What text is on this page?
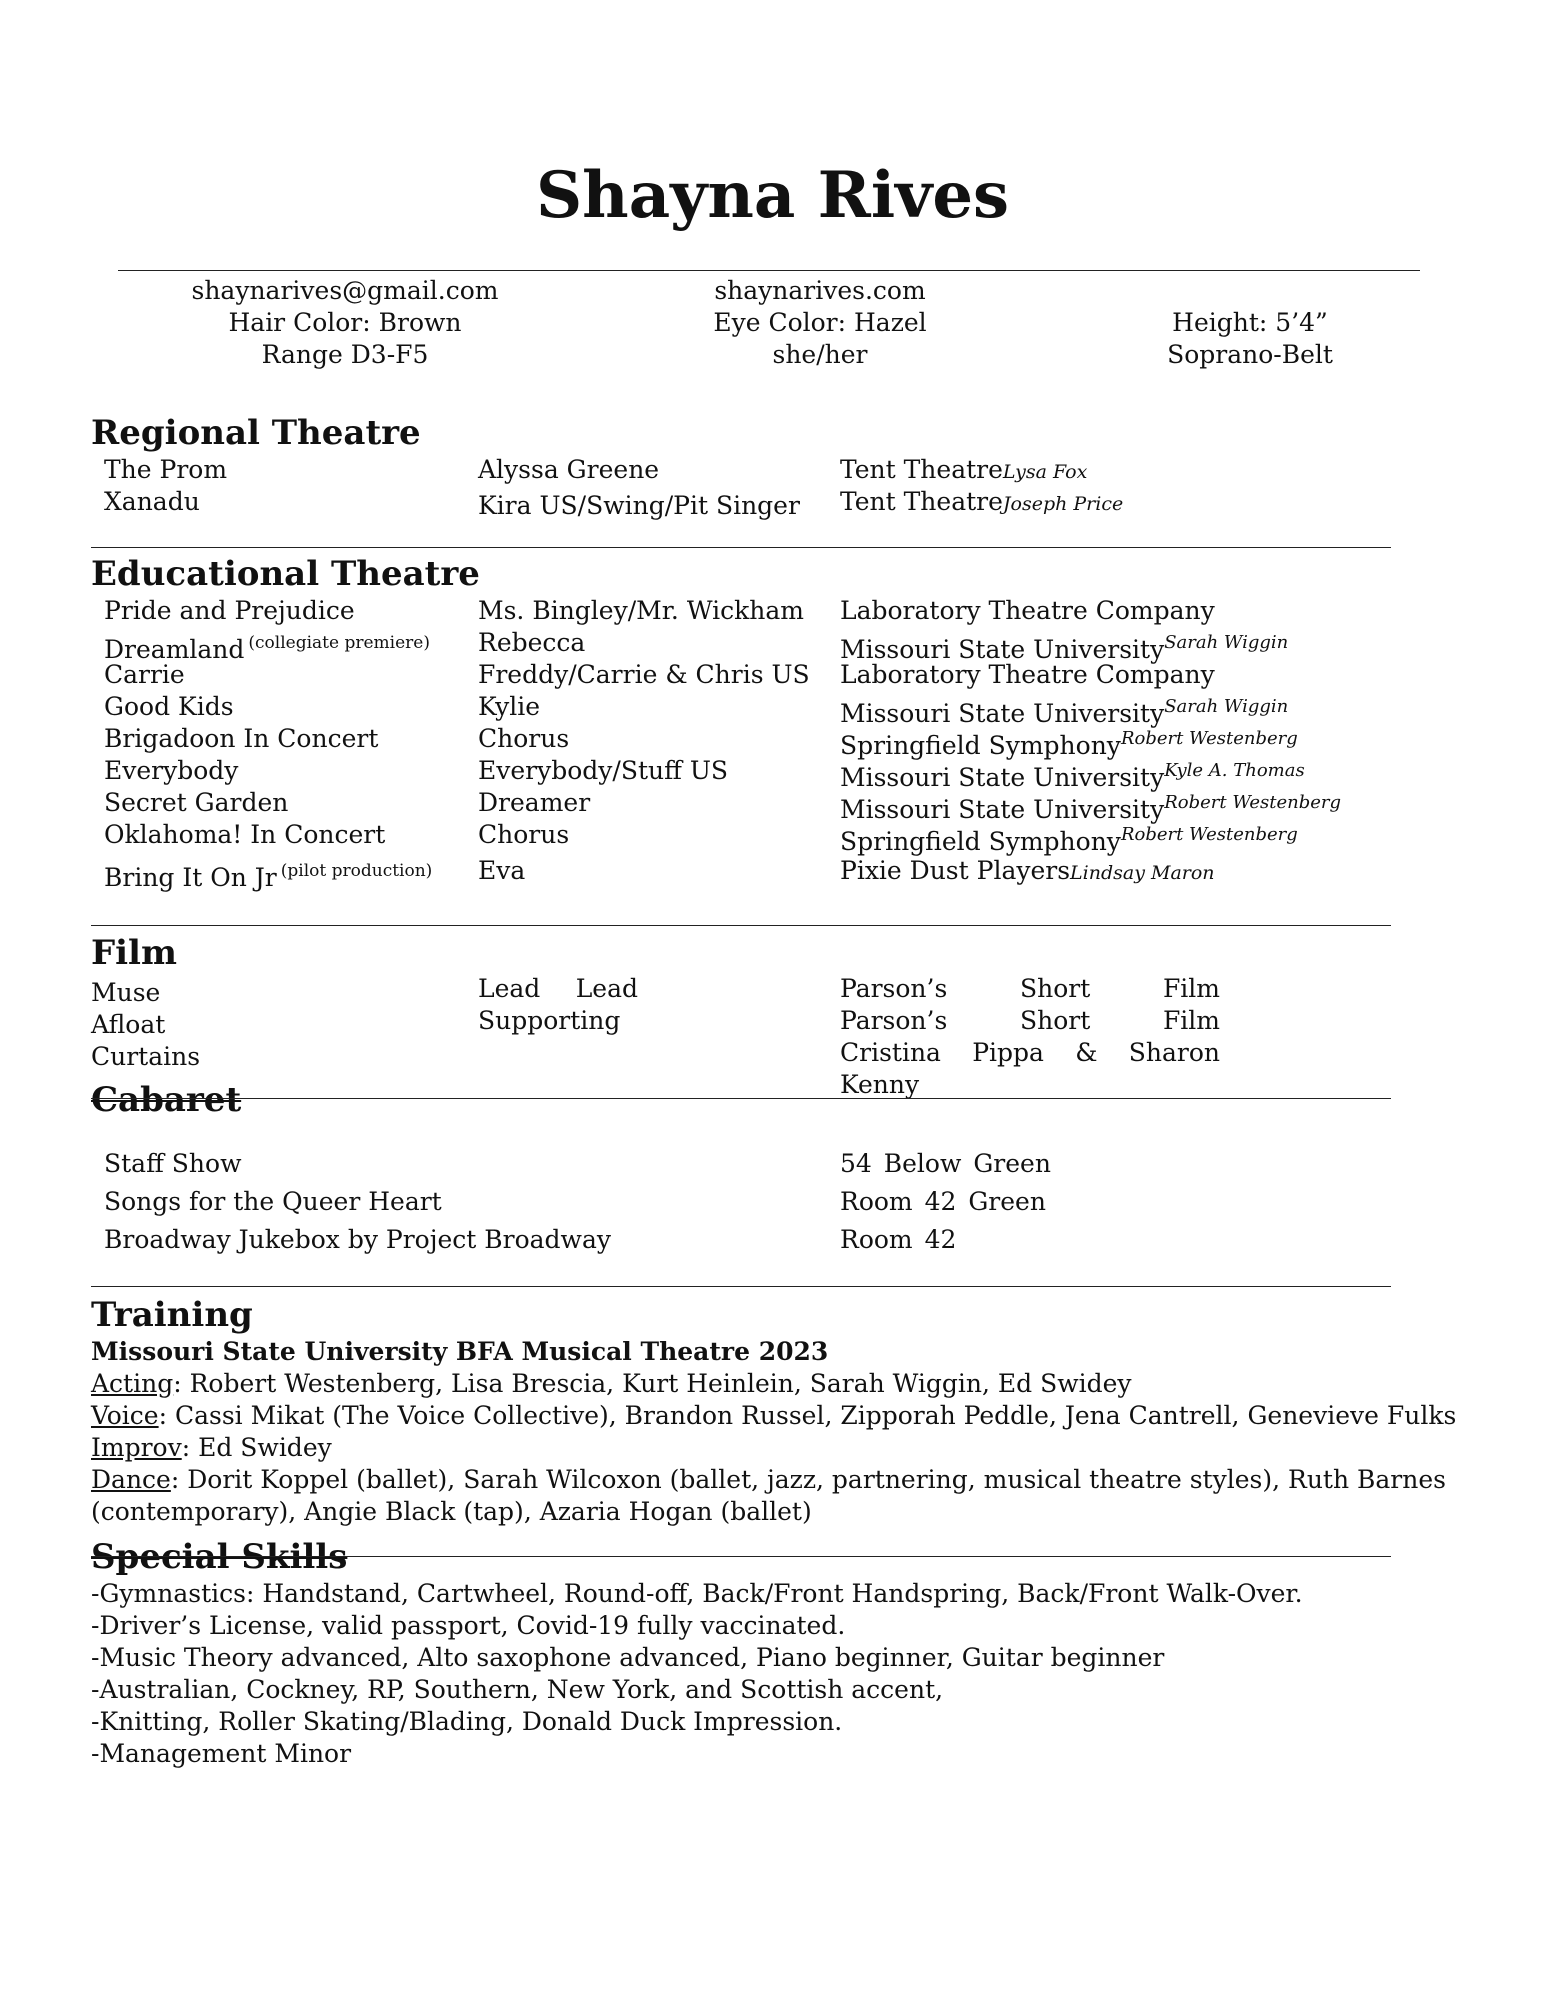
Shayna Rives
shaynarives@gmail.com
Hair Color: Brown
Range D3-F5
shaynarives.com
Eye Color: Hazel
she/her
Height: 5’4”
Soprano-Belt
Regional Theatre
The Prom
Xanadu
Alyssa Greene
Kira US/Swing/Pit Singer
Tent TheatreLysa Fox
Tent TheatreJoseph Price
Educational Theatre
Pride and Prejudice
Dreamland $^{(collegiate premiere)}$
Carrie
Good Kids
Brigadoon In Concert
Everybody
Secret Garden
Oklahoma! In Concert
Bring It On Jr $^{(pilot production)}$
Ms. Bingley/Mr. Wickham
Rebecca
Freddy/Carrie & Chris US
Kylie
Chorus
Everybody/Stuff US
Dreamer
Chorus
Eva
Laboratory Theatre Company
Missouri State University$^{Sarah Wiggin}$
Laboratory Theatre Company
Missouri State University$^{Sarah Wiggin}$
Springfield Symphony$^{Robert Westenberg}$
Missouri State University$^{Kyle A. Thomas}$
Missouri State University$^{Robert Westenberg}$
Springfield Symphony$^{Robert Westenberg}$
Pixie Dust PlayersLindsay Maron
Film
Muse
Afloat
Curtains
Lead Lead Supporting
Parson’s Short Film Parson’s Short Film Cristina Pippa & Sharon Kenny
Cabaret
Staff Show
Songs for the Queer Heart
Broadway Jukebox by Project Broadway
54 Below Green
Room 42 Green
Room 42
Training
Missouri State University BFA Musical Theatre 2023
Acting: Robert Westenberg, Lisa Brescia, Kurt Heinlein, Sarah Wiggin, Ed Swidey
Voice: Cassi Mikat (The Voice Collective), Brandon Russel, Zipporah Peddle, Jena Cantrell, Genevieve Fulks
Improv: Ed Swidey
Dance: Dorit Koppel (ballet), Sarah Wilcoxon (ballet, jazz, partnering, musical theatre styles), Ruth Barnes (contemporary), Angie Black (tap), Azaria Hogan (ballet)
Special Skills
-Gymnastics: Handstand, Cartwheel, Round-off, Back/Front Handspring, Back/Front Walk-Over.
-Driver’s License, valid passport, Covid-19 fully vaccinated.
-Music Theory advanced, Alto saxophone advanced, Piano beginner, Guitar beginner
-Australian, Cockney, RP, Southern, New York, and Scottish accent,
-Knitting, Roller Skating/Blading, Donald Duck Impression.
-Management Minor
